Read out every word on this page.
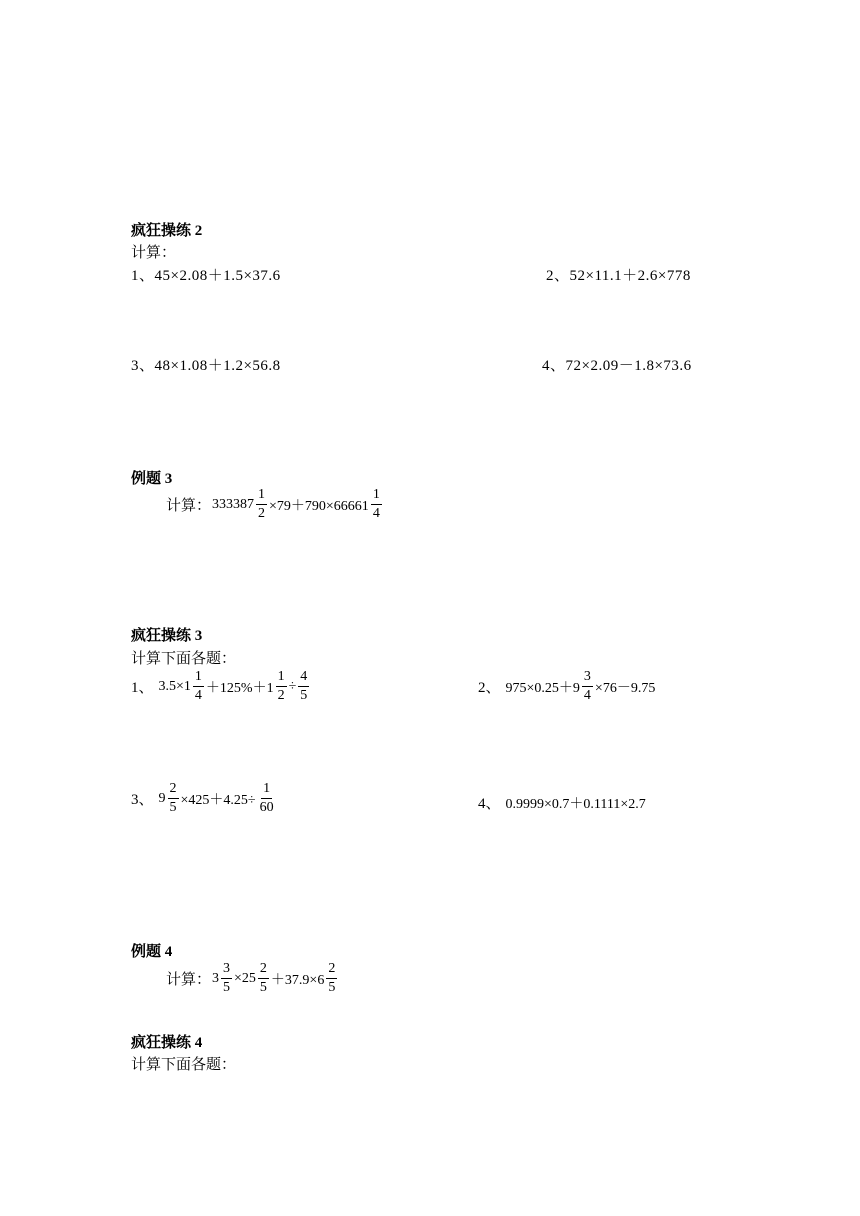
疯狂操练 2
计算：
1、45×2.08＋1.5×37.6	2、52×11.1＋2.6×778
3、48×1.08＋1.2×56.8	4、72×2.09－1.8×73.6
例题 3
计算： $333387 \frac{1}{2} \times 79+790\times 66661 \frac{1}{4}$
疯狂操练 3
计算下面各题：
1、 $3.5\times 1 \frac{1}{4} +125\%+1 \frac{1}{2} \div \frac{4}{5}$	2、 $975\times 0.25+9 \frac{3}{4} \times 76-9.75$
3、 $9 \frac{2}{5} \times 425+4.25\div \frac{1}{60}$	4、 0.9999×0.7＋0.1111×2.7
例题 4
计算： $3 \frac{3}{5} \times 25 \frac{2}{5} +37.9\times 6 \frac{2}{5}$
疯狂操练 4
计算下面各题：
